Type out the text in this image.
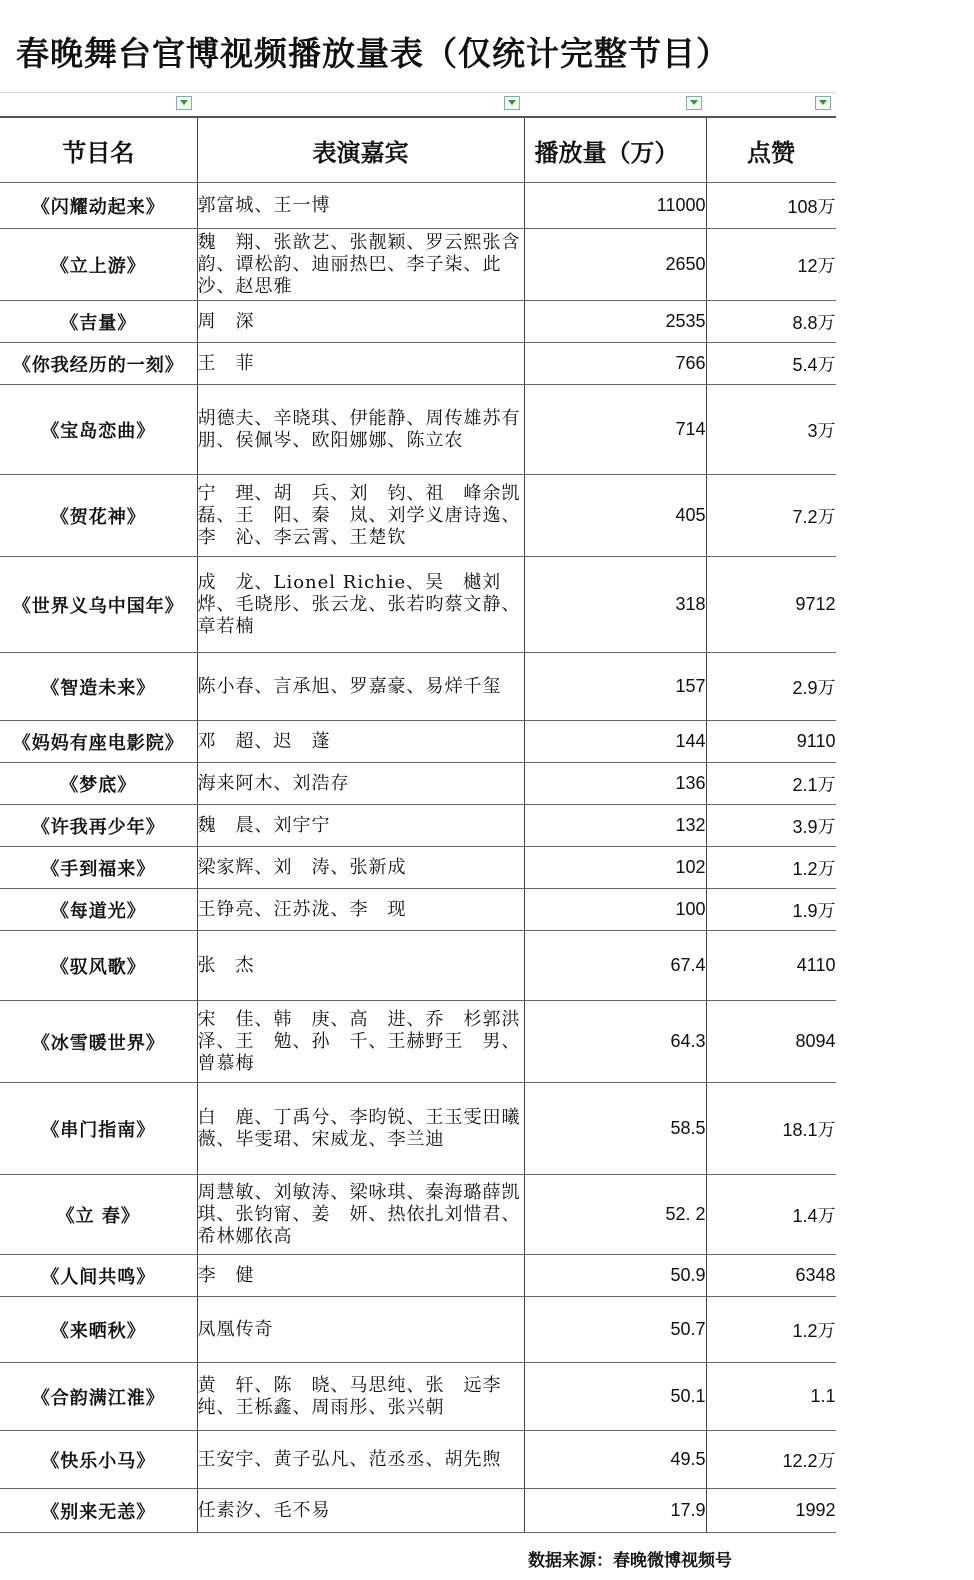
春晚舞台官博视频播放量表（仅统计完整节目）
节目名	表演嘉宾	播放量（万）	点赞
《闪耀动起来》	郭富城、王一博	11000	108万
《立上游》	魏　翔、张歆艺、张靓颖、罗云熙张含韵、谭松韵、迪丽热巴、李子柒、此　沙、赵思雅	2650	12万
《吉量》	周　深	2535	8.8万
《你我经历的一刻》	王　菲	766	5.4万
《宝岛恋曲》	胡德夫、辛晓琪、伊能静、周传雄苏有朋、侯佩岑、欧阳娜娜、陈立农	714	3万
《贺花神》	宁　理、胡　兵、刘　钧、祖　峰余凯磊、王　阳、秦　岚、刘学义唐诗逸、李　沁、李云霄、王楚钦	405	7.2万
《世界义乌中国年》	成　龙、Lionel Richie、吴　樾刘　烨、毛晓彤、张云龙、张若昀蔡文静、章若楠	318	9712
《智造未来》	陈小春、言承旭、罗嘉豪、易烊千玺	157	2.9万
《妈妈有座电影院》	邓　超、迟　蓬	144	9110
《梦底》	海来阿木、刘浩存	136	2.1万
《许我再少年》	魏　晨、刘宇宁	132	3.9万
《手到福来》	梁家辉、刘　涛、张新成	102	1.2万
《每道光》	王铮亮、汪苏泷、李　现	100	1.9万
《驭风歌》	张　杰	67.4	4110
《冰雪暖世界》	宋　佳、韩　庚、高　进、乔　杉郭洪泽、王　勉、孙　千、王赫野王　男、曾慕梅	64.3	8094
《串门指南》	白　鹿、丁禹兮、李昀锐、王玉雯田曦薇、毕雯珺、宋威龙、李兰迪	58.5	18.1万
《立 春》	周慧敏、刘敏涛、梁咏琪、秦海璐薛凯琪、张钧甯、姜　妍、热依扎刘惜君、希林娜依高	52. 2	1.4万
《人间共鸣》	李　健	50.9	6348
《来晒秋》	凤凰传奇	50.7	1.2万
《合韵满江淮》	黄　轩、陈　晓、马思纯、张　远李　纯、王栎鑫、周雨彤、张兴朝	50.1	1.1
《快乐小马》	王安宇、黄子弘凡、范丞丞、胡先煦	49.5	12.2万
《别来无恙》	任素汐、毛不易	17.9	1992
数据来源：春晚微博视频号
